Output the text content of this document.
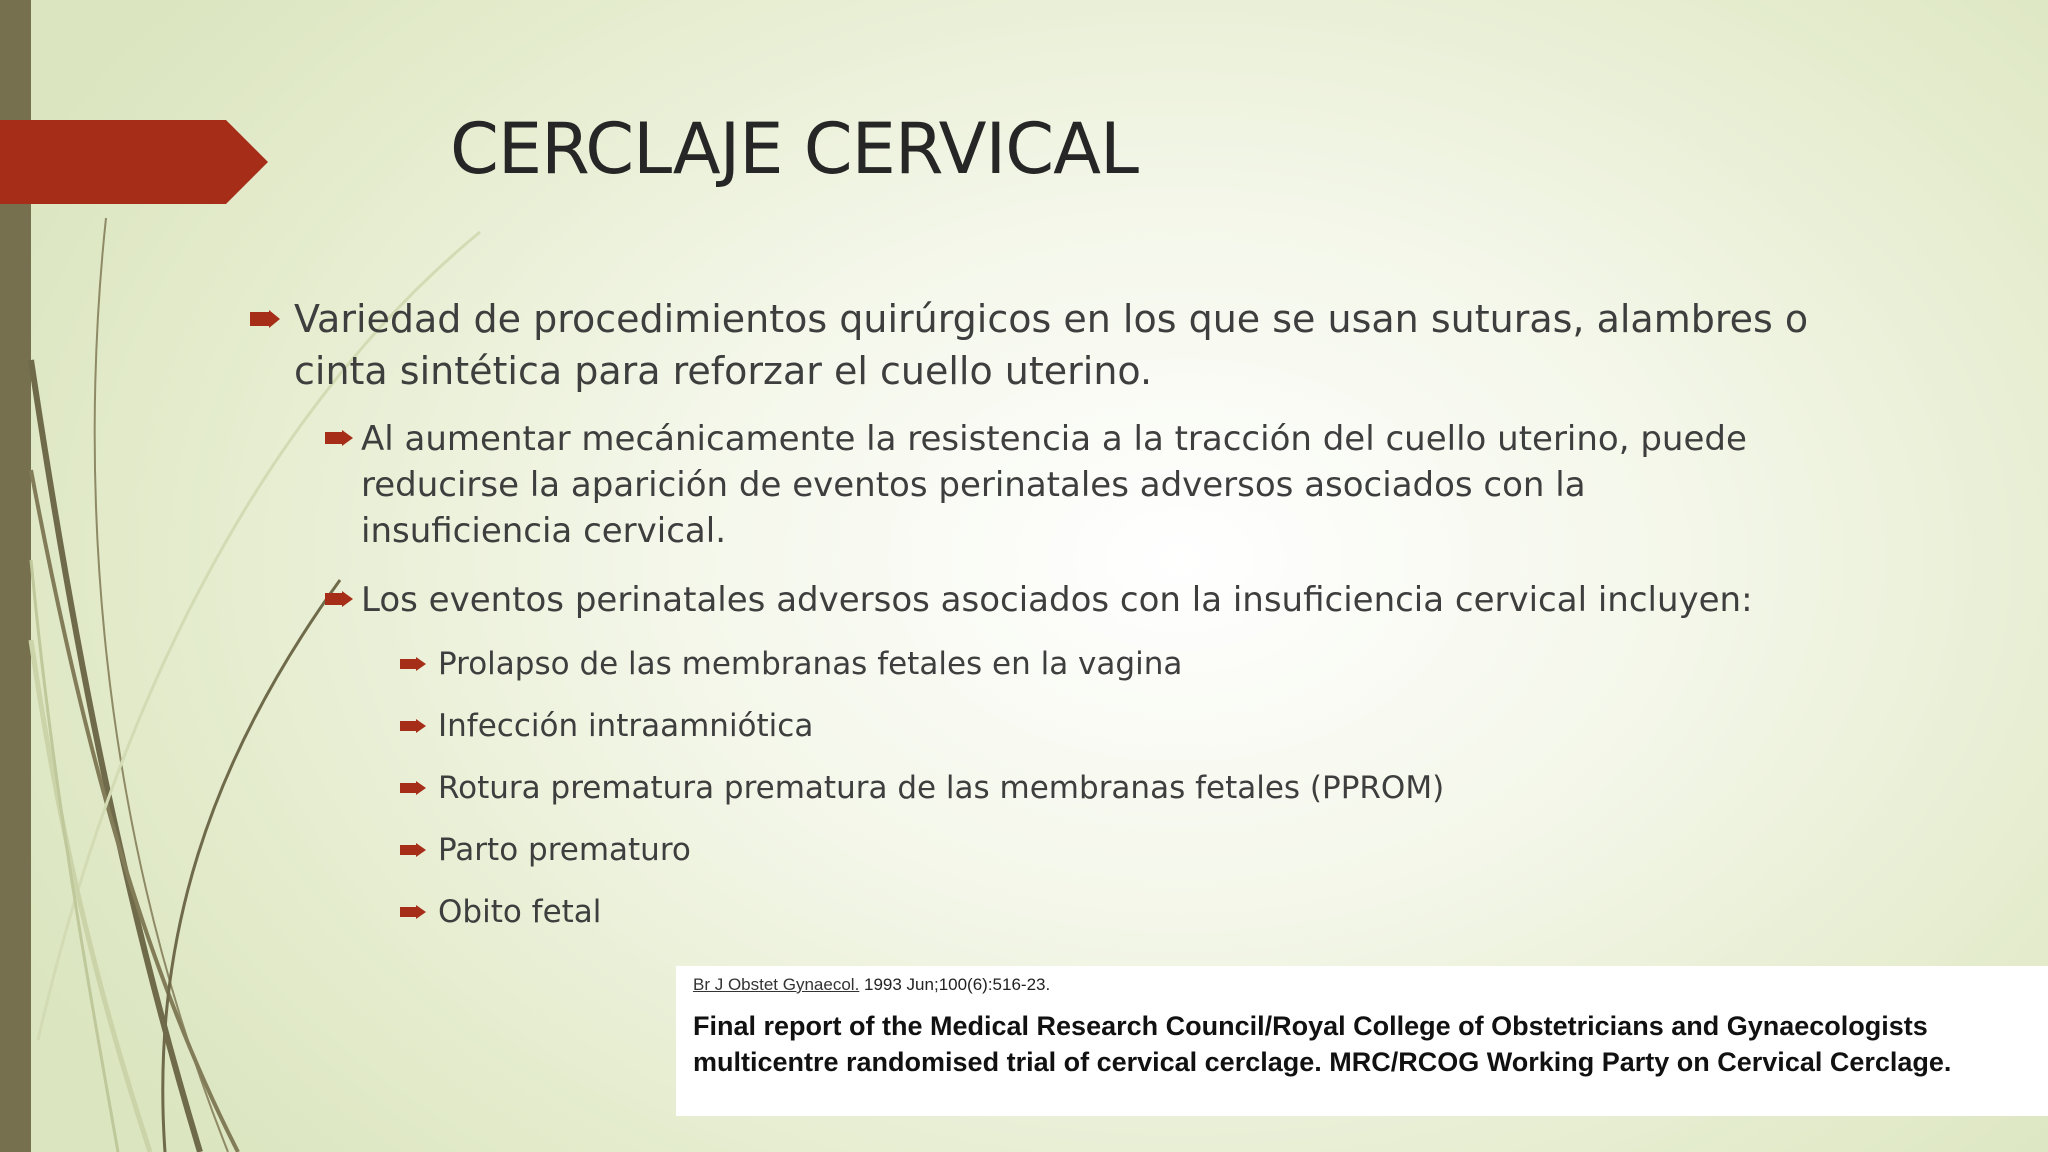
CERCLAJE CERVICAL
Variedad de procedimientos quirúrgicos en los que se usan suturas, alambres o cinta sintética para reforzar el cuello uterino.
Al aumentar mecánicamente la resistencia a la tracción del cuello uterino, puede reducirse la aparición de eventos perinatales adversos asociados con la insuficiencia cervical.
Los eventos perinatales adversos asociados con la insuficiencia cervical incluyen:
Prolapso de las membranas fetales en la vagina
Infección intraamniótica
Rotura prematura prematura de las membranas fetales (PPROM)
Parto prematuro
Obito fetal
Br J Obstet Gynaecol. 1993 Jun;100(6):516-23.
Final report of the Medical Research Council/Royal College of Obstetricians and Gynaecologists multicentre randomised trial of cervical cerclage. MRC/RCOG Working Party on Cervical Cerclage.
